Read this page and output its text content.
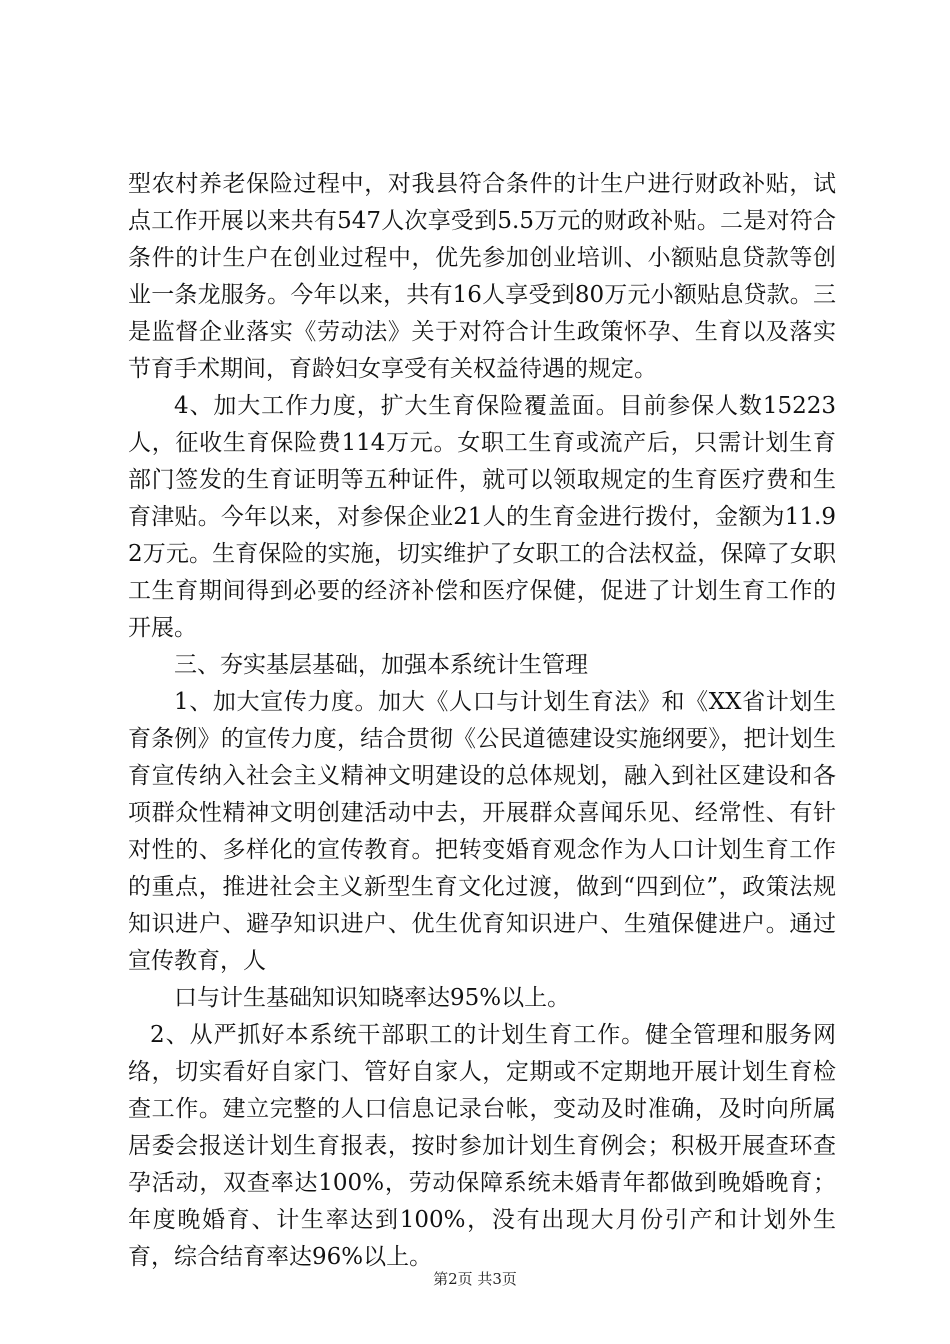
型农村养老保险过程中，对我县符合条件的计生户进行财政补贴，试点工作开展以来共有547人次享受到5.5万元的财政补贴。二是对符合条件的计生户在创业过程中，优先参加创业培训、小额贴息贷款等创业一条龙服务。今年以来，共有16人享受到80万元小额贴息贷款。三是监督企业落实《劳动法》关于对符合计生政策怀孕、生育以及落实节育手术期间，育龄妇女享受有关权益待遇的规定。

4、加大工作力度，扩大生育保险覆盖面。目前参保人数15223人，征收生育保险费114万元。女职工生育或流产后，只需计划生育部门签发的生育证明等五种证件，就可以领取规定的生育医疗费和生育津贴。今年以来，对参保企业21人的生育金进行拨付，金额为11.92万元。生育保险的实施，切实维护了女职工的合法权益，保障了女职工生育期间得到必要的经济补偿和医疗保健，促进了计划生育工作的开展。

三、夯实基层基础，加强本系统计生管理

1、加大宣传力度。加大《人口与计划生育法》和《XX省计划生育条例》的宣传力度，结合贯彻《公民道德建设实施纲要》，把计划生育宣传纳入社会主义精神文明建设的总体规划，融入到社区建设和各项群众性精神文明创建活动中去，开展群众喜闻乐见、经常性、有针对性的、多样化的宣传教育。把转变婚育观念作为人口计划生育工作的重点，推进社会主义新型生育文化过渡，做到“四到位”，政策法规知识进户、避孕知识进户、优生优育知识进户、生殖保健进户。通过宣传教育，人

口与计生基础知识知晓率达95%以上。

2、从严抓好本系统干部职工的计划生育工作。健全管理和服务网络，切实看好自家门、管好自家人，定期或不定期地开展计划生育检查工作。建立完整的人口信息记录台帐，变动及时准确，及时向所属居委会报送计划生育报表，按时参加计划生育例会；积极开展查环查孕活动，双查率达100%，劳动保障系统未婚青年都做到晚婚晚育；年度晚婚育、计生率达到100%，没有出现大月份引产和计划外生育，综合结育率达96%以上。

第2页 共3页
